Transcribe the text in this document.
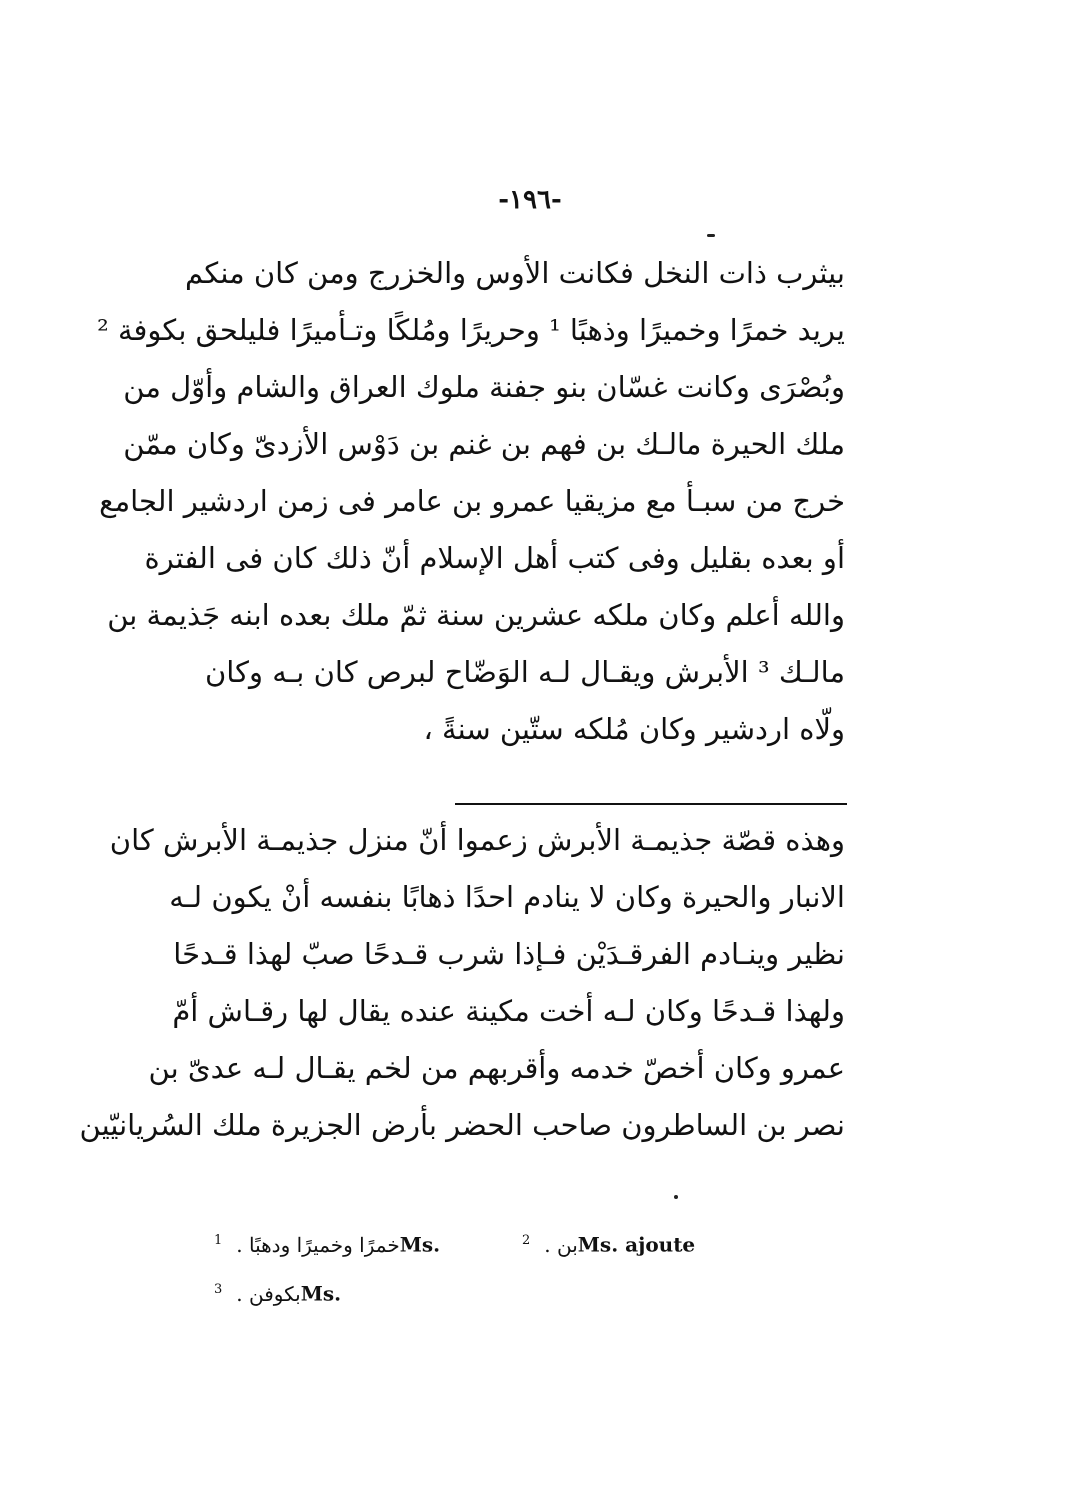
-١٩٦-
بيثرب ذات النخل فكانت الأوس والخزرج ومن كان منكم
يريد خمرًا وخميرًا وذهبًا ¹ وحريرًا ومُلكًا وتـأميرًا فليلحق بكوفة ²
وبُصْرَى وكانت غسّان بنو جفنة ملوك العراق والشام وأوّل من
ملك الحيرة مالـك بن فهم بن غنم بن دَوْس الأزدىّ وكان ممّن
خرج من سبـأ مع مزيقيا عمرو بن عامر فى زمن اردشير الجامع
أو بعده بقليل وفى كتب أهل الإسلام أنّ ذلك كان فى الفترة
والله أعلم وكان ملكه عشرين سنة ثمّ ملك بعده ابنه جَذيمة بن
مالـك ³ الأبرش ويقـال لـه الوَضّاح لبرص كان بـه وكان
ولّاه اردشير وكان مُلكه ستّين سنةً ،
وهذه قصّة جذيمـة الأبرش زعموا أنّ منزل جذيمـة الأبرش كان
الانبار والحيرة وكان لا ينادم احدًا ذهابًا بنفسه أنْ يكون لـه
نظير وينـادم الفرقـدَيْن فـإذا شرب قـدحًا صبّ لهذا قـدحًا
ولهذا قـدحًا وكان لـه أخت مكينة عنده يقال لها رقـاش أمّ
عمرو وكان أخصّ خدمه وأقربهم من لخم يقـال لـه عدىّ بن
نصر بن الساطرون صاحب الحضر بأرض الجزيرة ملك السُريانيّين
$^1$	Ms.خمرًا وخميرًا ودهبًا .	$^2$ Ms. ajouteبن .
$^3$	Ms.بكوفن .
